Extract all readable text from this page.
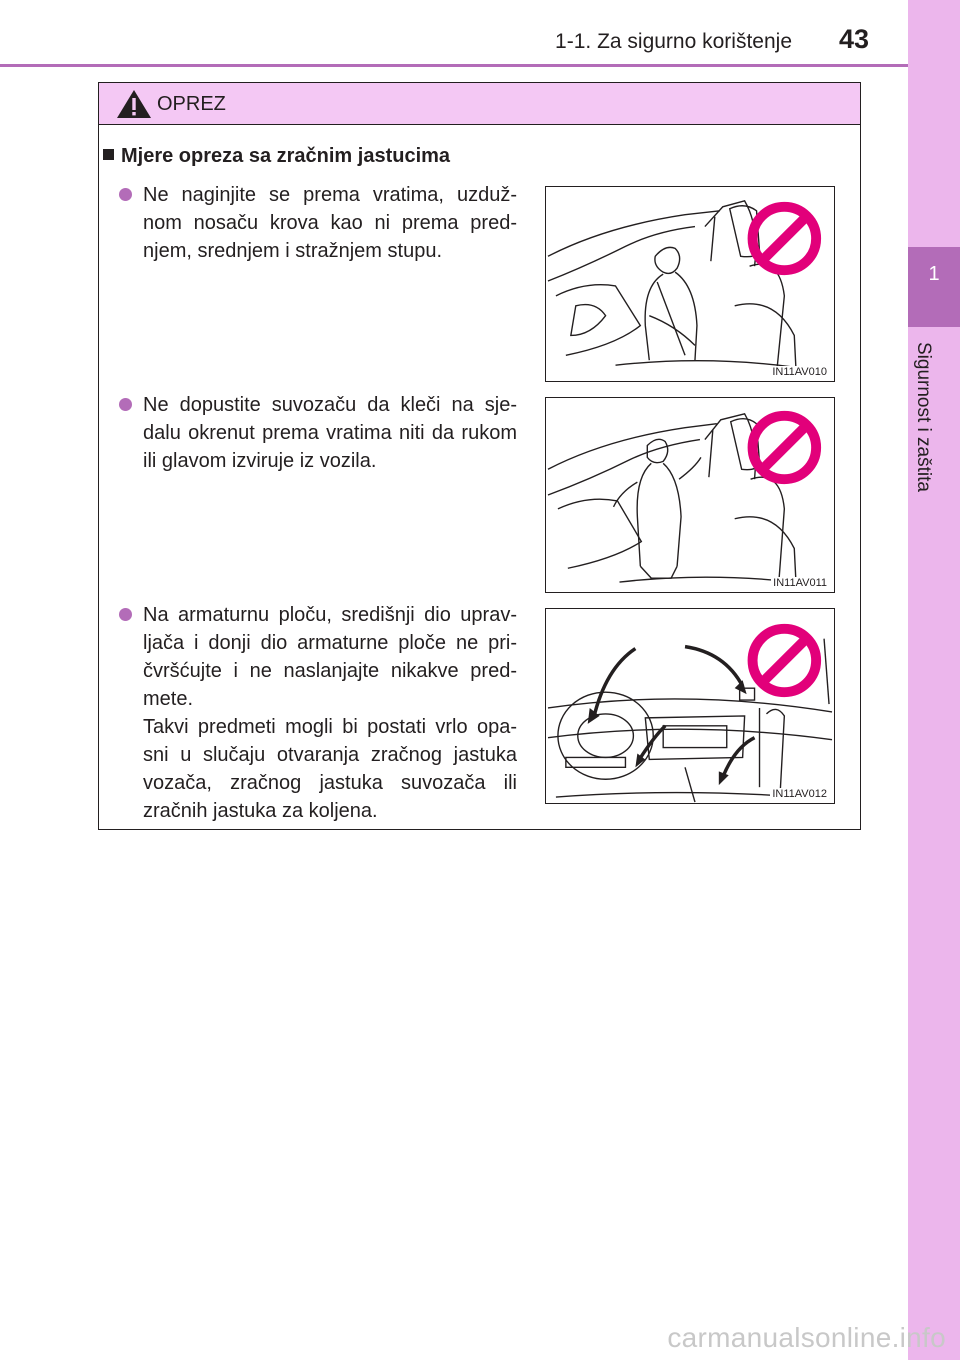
1
Sigurnost i zaštita
1-1. Za sigurno korištenje 43
OPREZ
Mjere opreza sa zračnim jastucima

Ne naginjite se prema vratima, uzduž-nom nosaču krova kao ni prema pred-njem, srednjem i stražnjem stupu.

IN11AV010

Ne dopustite suvozaču da kleči na sje-dalu okrenut prema vratima niti da rukom ili glavom izviruje iz vozila.

IN11AV011

Na armaturnu ploču, središnji dio uprav-ljača i donji dio armaturne ploče ne pri-čvršćujte i ne naslanjajte nikakve pred-mete.

Takvi predmeti mogli bi postati vrlo opa-sni u slučaju otvaranja zračnog jastuka vozača, zračnog jastuka suvozača ili zračnih jastuka za koljena.

IN11AV012
carmanualsonline.info
